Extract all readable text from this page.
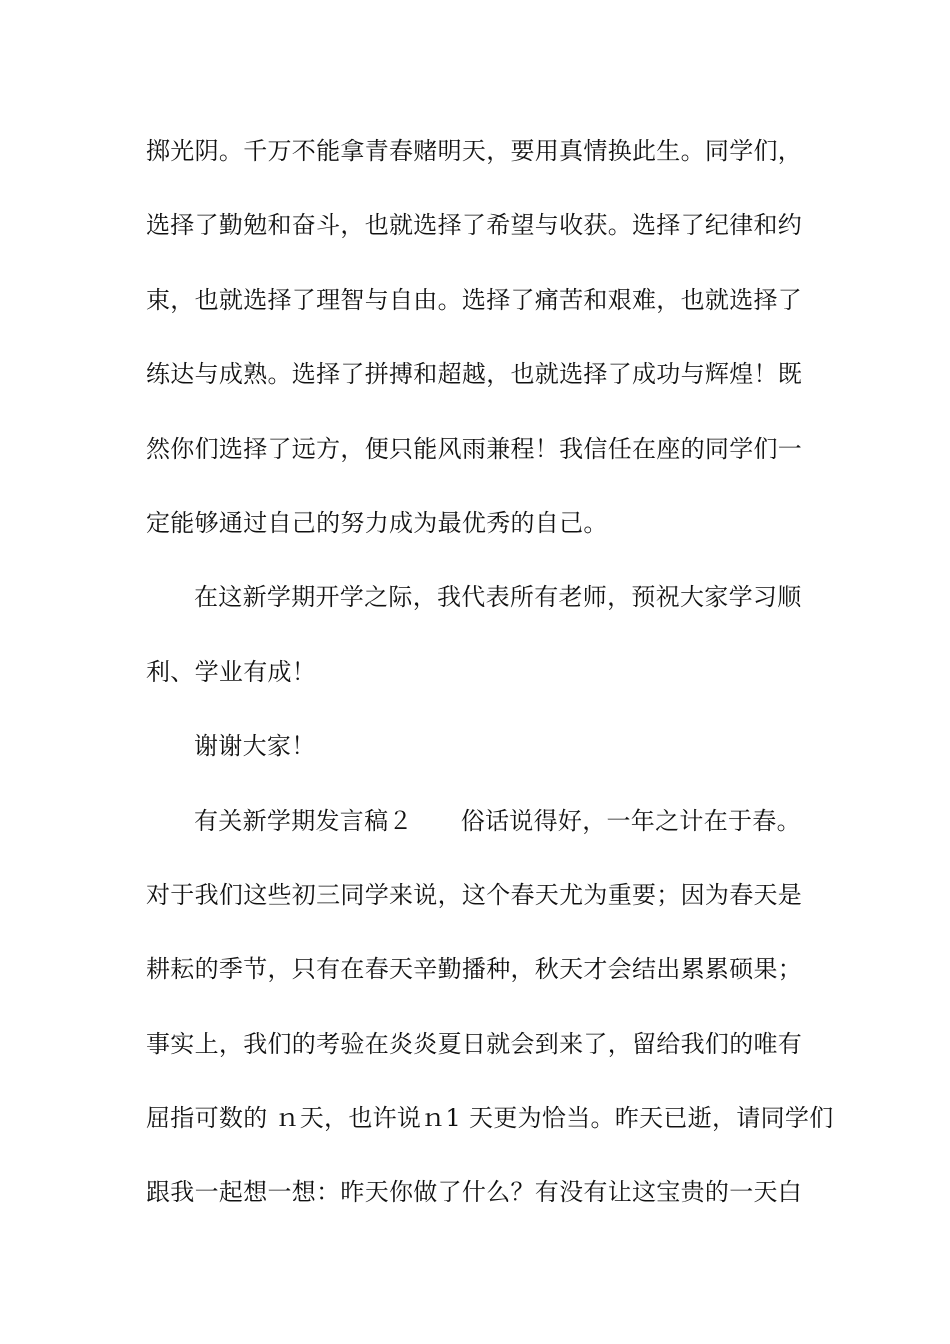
掷光阴。千万不能拿青春赌明天，要用真情换此生。同学们，
选择了勤勉和奋斗，也就选择了希望与收获。选择了纪律和约
束，也就选择了理智与自由。选择了痛苦和艰难，也就选择了
练达与成熟。选择了拼搏和超越，也就选择了成功与辉煌！既
然你们选择了远方，便只能风雨兼程！我信任在座的同学们一
定能够通过自己的努力成为最优秀的自己。
在这新学期开学之际，我代表所有老师，预祝大家学习顺
利、学业有成！
谢谢大家！
有关新学期发言稿２ 俗话说得好，一年之计在于春。
对于我们这些初三同学来说，这个春天尤为重要；因为春天是
耕耘的季节，只有在春天辛勤播种，秋天才会结出累累硕果；
事实上，我们的考验在炎炎夏日就会到来了，留给我们的唯有
屈指可数的 ｎ天，也许说ｎ1 天更为恰当。昨天已逝，请同学们
跟我一起想一想：昨天你做了什么？有没有让这宝贵的一天白
